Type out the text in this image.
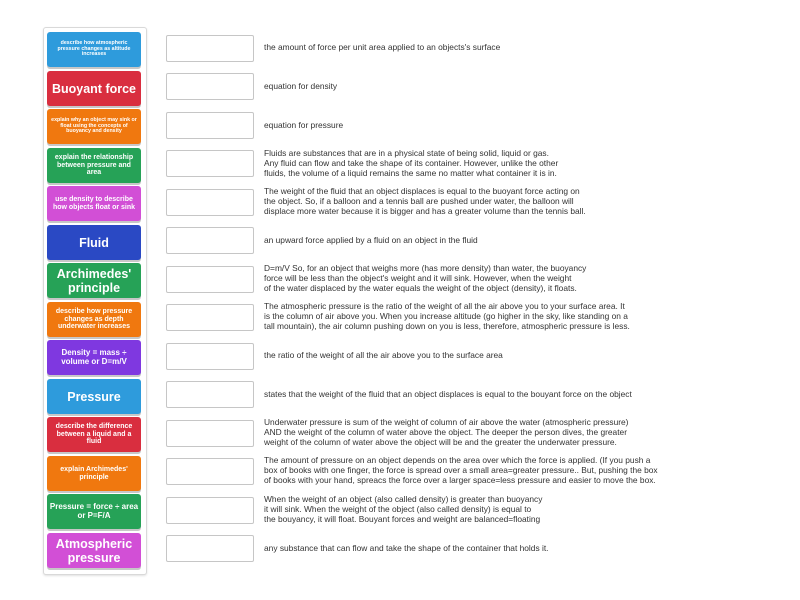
describe how atmospheric pressure changes as altitude increases
Buoyant force
explain why an object may sink or float using the concepts of buoyancy and density
explain the relationship between pressure and area
use density to describe how objects float or sink
Fluid
Archimedes' principle
describe how pressure changes as depth underwater increases
Density = mass ÷ volume or D=m/V
Pressure
describe the difference between a liquid and a fluid
explain Archimedes' principle
Pressure = force ÷ area or P=F/A
Atmospheric pressure
the amount of force per unit area applied to an objects's surface
equation for density
equation for pressure
Fluids are substances that are in a physical state of being solid, liquid or gas.
Any fluid can flow and take the shape of its container. However, unlike the other
fluids, the volume of a liquid remains the same no matter what container it is in.
The weight of the fluid that an object displaces is equal to the buoyant force acting on
the object. So, if a balloon and a tennis ball are pushed under water, the balloon will
displace more water because it is bigger and has a greater volume than the tennis ball.
an upward force applied by a fluid on an object in the fluid
D=m/V So, for an object that weighs more (has more density) than water, the buoyancy
force will be less than the object's weight and it will sink. However, when the weight
of the water displaced by the water equals the weight of the object (density), it floats.
The atmospheric pressure is the ratio of the weight of all the air above you to your surface area. It
is the column of air above you. When you increase altitude (go higher in the sky, like standing on a
tall mountain), the air column pushing down on you is less, therefore, atmospheric pressure is less.
the ratio of the weight of all the air above you to the surface area
states that the weight of the fluid that an object displaces is equal to the bouyant force on the object
Underwater pressure is sum of the weight of column of air above the water (atmospheric pressure)
AND the weight of the column of water above the object. The deeper the person dives, the greater
weight of the column of water above the object will be and the greater the underwater pressure.
The amount of pressure on an object depends on the area over which the force is applied. (If you push a
box of books with one finger, the force is spread over a small area=greater pressure.. But, pushing the box
of books with your hand, spreacs the force over a larger space=less pressure and easier to move the box.
When the weight of an object (also called density) is greater than buoyancy
it will sink. When the weight of the object (also called density) is equal to
the bouyancy, it will float. Bouyant forces and weight are balanced=floating
any substance that can flow and take the shape of the container that holds it.
